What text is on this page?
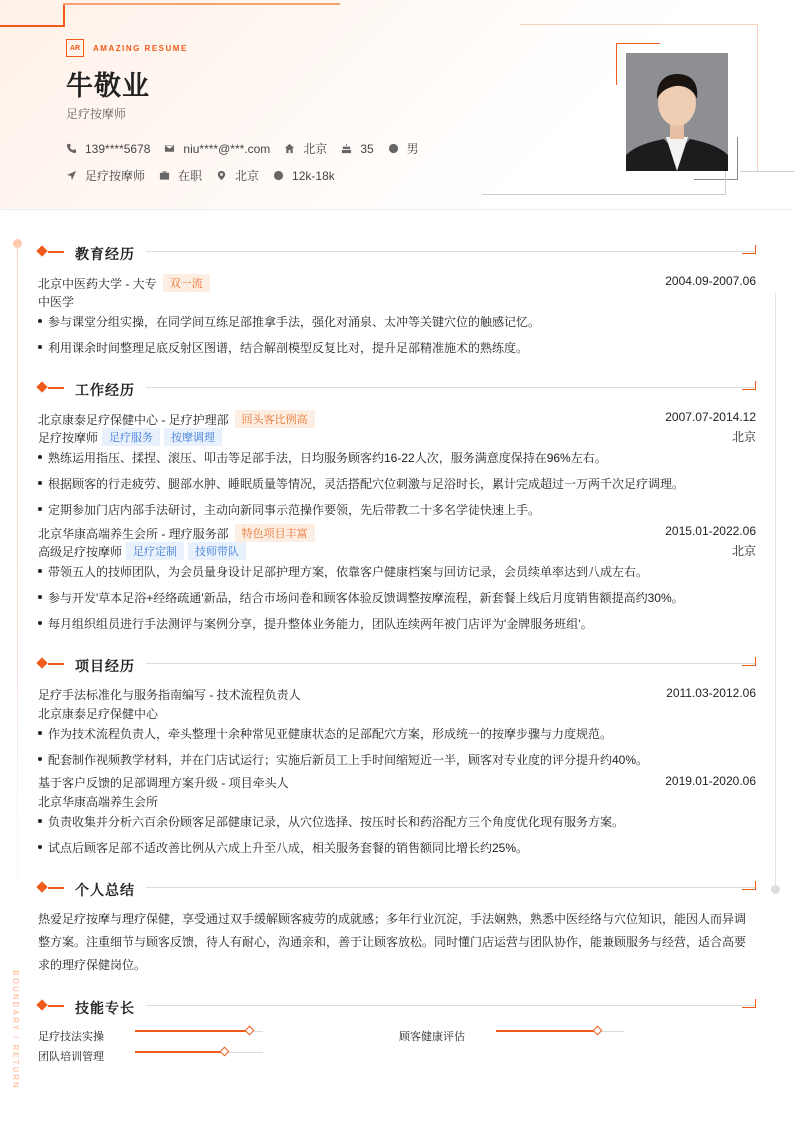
AR	AMAZING RESUME
牛敬业
足疗按摩师
139****5678	niu****@***.com	北京	35	男
足疗按摩师	在职	北京	12k-18k
BOUNDARY / RETURN
教育经历
北京中医药大学 - 大专	双一流	2004.09-2007.06
中医学
参与课堂分组实操，在同学间互练足部推拿手法，强化对涌泉、太冲等关键穴位的触感记忆。
利用课余时间整理足底反射区图谱，结合解剖模型反复比对，提升足部精准施术的熟练度。
工作经历
北京康泰足疗保健中心 - 足疗护理部	回头客比例高	2007.07-2014.12
足疗按摩师	足疗服务	按摩调理	北京
熟练运用指压、揉捏、滚压、叩击等足部手法，日均服务顾客约16-22人次，服务满意度保持在96%左右。
根据顾客的行走疲劳、腿部水肿、睡眠质量等情况，灵活搭配穴位刺激与足浴时长，累计完成超过一万两千次足疗调理。
定期参加门店内部手法研讨，主动向新同事示范操作要领，先后带教二十多名学徒快速上手。
北京华康高端养生会所 - 理疗服务部	特色项目丰富	2015.01-2022.06
高级足疗按摩师	足疗定制	技师带队	北京
带领五人的技师团队，为会员量身设计足部护理方案，依靠客户健康档案与回访记录，会员续单率达到八成左右。
参与开发'草本足浴+经络疏通'新品，结合市场问卷和顾客体验反馈调整按摩流程，新套餐上线后月度销售额提高约30%。
每月组织组员进行手法测评与案例分享，提升整体业务能力，团队连续两年被门店评为'金牌服务班组'。
项目经历
足疗手法标准化与服务指南编写 - 技术流程负责人	2011.03-2012.06
北京康泰足疗保健中心
作为技术流程负责人，牵头整理十余种常见亚健康状态的足部配穴方案，形成统一的按摩步骤与力度规范。
配套制作视频教学材料，并在门店试运行；实施后新员工上手时间缩短近一半，顾客对专业度的评分提升约40%。
基于客户反馈的足部调理方案升级 - 项目牵头人	2019.01-2020.06
北京华康高端养生会所
负责收集并分析六百余份顾客足部健康记录，从穴位选择、按压时长和药浴配方三个角度优化现有服务方案。
试点后顾客足部不适改善比例从六成上升至八成，相关服务套餐的销售额同比增长约25%。
个人总结
热爱足疗按摩与理疗保健，享受通过双手缓解顾客疲劳的成就感；多年行业沉淀，手法娴熟，熟悉中医经络与穴位知识，能因人而异调整方案。注重细节与顾客反馈，待人有耐心，沟通亲和，善于让顾客放松。同时懂门店运营与团队协作，能兼顾服务与经营，适合高要求的理疗保健岗位。
技能专长
足疗技法实操	顾客健康评估
团队培训管理
